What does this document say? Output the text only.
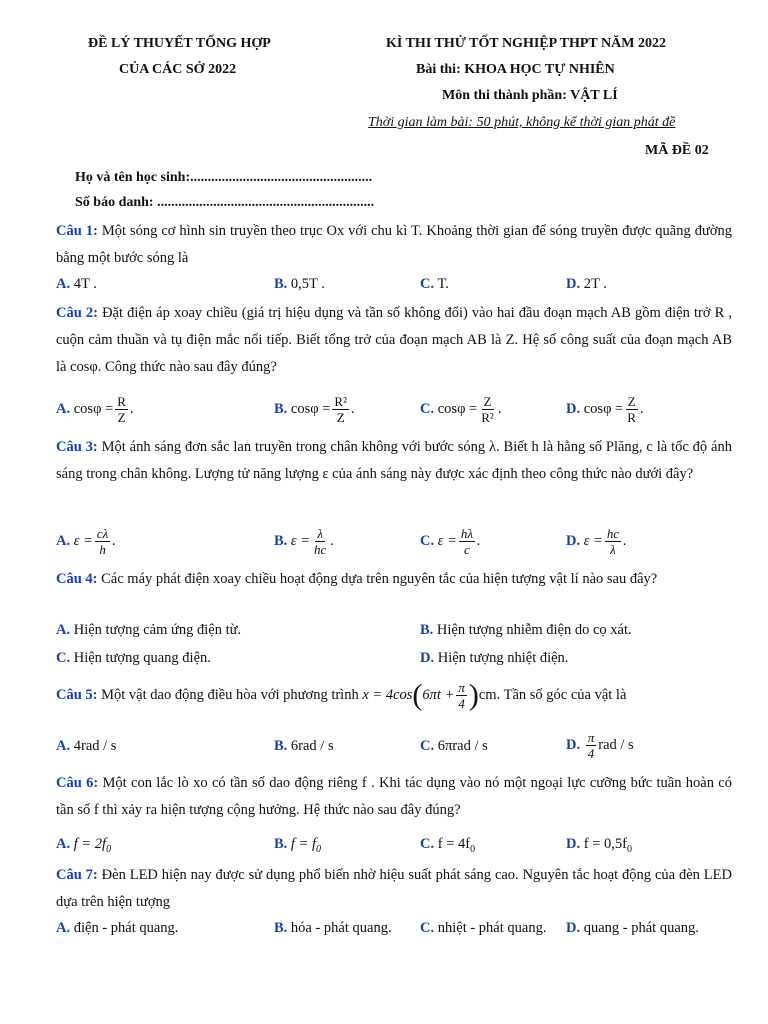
ĐỀ LÝ THUYẾT TỔNG HỢP
CỦA CÁC SỞ 2022
KÌ THI THỬ TỐT NGHIỆP THPT NĂM 2022
Bài thi: KHOA HỌC TỰ NHIÊN
Môn thi thành phần: VẬT LÍ
Thời gian làm bài: 50 phút, không kể thời gian phát đề
MÃ ĐỀ 02
Họ và tên học sinh:....................................................
Số báo danh: ..............................................................
Câu 1: Một sóng cơ hình sin truyền theo trục Ox với chu kì T. Khoảng thời gian để sóng truyền được quãng đường bằng một bước sóng là
A. 4T .	B. 0,5T .	C. T.	D. 2T .
Câu 2: Đặt điện áp xoay chiều (giá trị hiệu dụng và tần số không đổi) vào hai đầu đoạn mạch AB gồm điện trở R , cuộn cảm thuần và tụ điện mắc nối tiếp. Biết tổng trở của đoạn mạch AB là Z. Hệ số công suất của đoạn mạch AB là cosφ. Công thức nào sau đây đúng?
A. $\cos\varphi = \frac{R}{Z}$ .	B. $\cos\varphi = \frac{\text{R²}}{Z}$ .	C. $\cos\varphi = \frac{Z}{\text{R²}}$ .	D. $\cos\varphi = \frac{Z}{R}$ .
Câu 3: Một ánh sáng đơn sắc lan truyền trong chân không với bước sóng λ. Biết h là hằng số Plăng, c là tốc độ ánh sáng trong chân không. Lượng tử năng lượng ε của ánh sáng này được xác định theo công thức nào dưới đây?
A. $\varepsilon = \frac{c\lambda}{h}$ .	B. $\varepsilon = \frac{\lambda}{hc}$ .	C. $\varepsilon = \frac{h\lambda}{c}$ .	D. $\varepsilon = \frac{hc}{\lambda}$ .
Câu 4: Các máy phát điện xoay chiều hoạt động dựa trên nguyên tắc của hiện tượng vật lí nào sau đây?
A. Hiện tượng cảm ứng điện từ.	B. Hiện tượng nhiễm điện do cọ xát.
C. Hiện tượng quang điện.	D. Hiện tượng nhiệt điện.
Câu 5: Một vật dao động điều hòa với phương trình $x = 4\cos(6\pi t + \frac{\pi}{4} )cm$. Tần số góc của vật là
A. 4rad / s	B. 6rad / s	C. 6πrad / s	D. $\frac{\pi}{4}$ rad / s
Câu 6: Một con lắc lò xo có tần số dao động riêng f . Khi tác dụng vào nó một ngoại lực cưỡng bức tuần hoàn có tần số f thì xảy ra hiện tượng cộng hưởng. Hệ thức nào sau đây đúng?
A. $f = 2f_0$	B. $f = f_0$	C. $f = 4f_0$	D. $f = 0,5f_0$
Câu 7: Đèn LED hiện nay được sử dụng phổ biến nhờ hiệu suất phát sáng cao. Nguyên tắc hoạt động của đèn LED dựa trên hiện tượng
A. điện - phát quang.	B. hóa - phát quang. C. nhiệt - phát quang. D. quang - phát quang.
